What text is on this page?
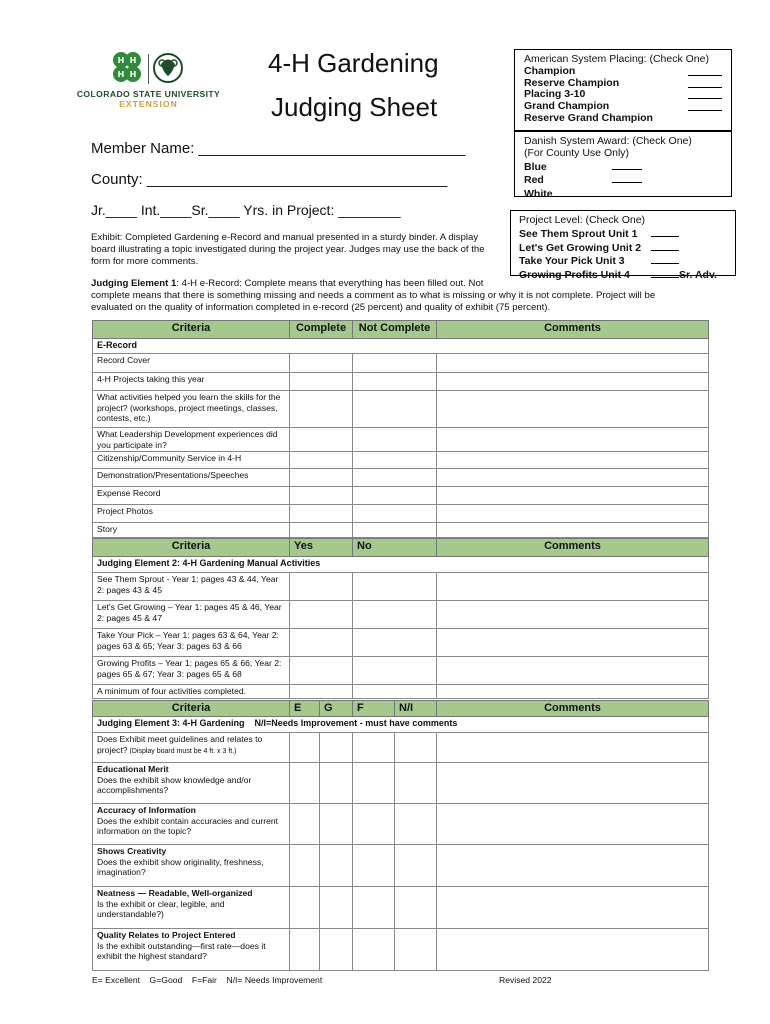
H H
H H
COLORADO STATE UNIVERSITY
EXTENSION
4-H Gardening
Judging Sheet
American System Placing: (Check One)
Champion
Reserve Champion
Placing 3-10
Grand Champion
Reserve Grand Champion
Danish System Award: (Check One)
(For County Use Only)
Blue
Red
White
Project Level: (Check One)
See Them Sprout Unit 1
Let's Get Growing Unit 2
Take Your Pick Unit 3
Growing Profits Unit 4	Sr. Adv.
Member Name: ________________________________
County: ____________________________________
Jr.____ Int.____Sr.____ Yrs. in Project: ________
Exhibit: Completed Gardening e-Record and manual presented in a sturdy binder. A display
board illustrating a topic investigated during the project year. Judges may use the back of the
form for more comments.
Judging Element 1: 4-H e-Record: Complete means that everything has been filled out. Not
complete means that there is something missing and needs a comment as to what is missing or why it is not complete. Project will be
evaluated on the quality of information completed in e-record (25 percent) and quality of exhibit (75 percent).
Criteria	Complete	Not Complete	Comments
E-Record			
Record Cover			
4-H Projects taking this year			
What activities helped you learn the skills for the project? (workshops, project meetings, classes, contests, etc.)			
What Leadership Development experiences did you participate in?			
Citizenship/Community Service in 4-H			
Demonstration/Presentations/Speeches			
Expense Record			
Project Photos			
Story			
Criteria	Yes	No	Comments
Judging Element 2: 4-H Gardening Manual Activities			
See Them Sprout - Year 1: pages 43 & 44, Year 2: pages 43 & 45			
Let's Get Growing – Year 1: pages 45 & 46, Year 2: pages 45 & 47			
Take Your Pick – Year 1: pages 63 & 64, Year 2: pages 63 & 65; Year 3: pages 63 & 66			
Growing Profits – Year 1: pages 65 & 66; Year 2: pages 65 & 67; Year 3: pages 65 & 68			
A minimum of four activities completed.			
Criteria	E	G	F	N/I	Comments
Judging Element 3: 4-H Gardening    N/I=Needs Improvement - must have comments					
Does Exhibit meet guidelines and relates to project? (Display board must be 4 ft. x 3 ft.)					
Educational Merit
Does the exhibit show knowledge and/or accomplishments?					
Accuracy of Information
Does the exhibit contain accuracies and current information on the topic?					
Shows Creativity
Does the exhibit show originality, freshness, imagination?					
Neatness — Readable, Well-organized
Is the exhibit or clear, legible, and understandable?)					
Quality Relates to Project Entered
Is the exhibit outstanding—first rate—does it exhibit the highest standard?					
E= Excellent    G=Good    F=Fair    N/I= Needs Improvement	Revised 2022
